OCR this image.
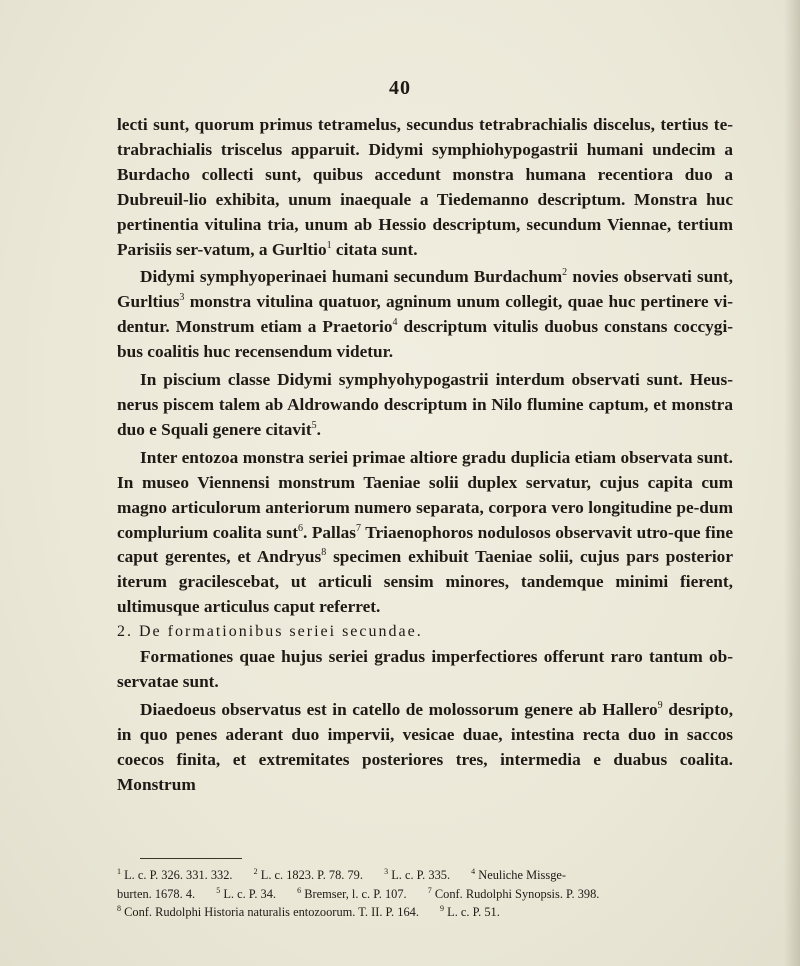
40

lecti sunt, quorum primus tetramelus, secundus tetrabrachialis discelus, tertius te-trabrachialis triscelus apparuit. Didymi symphiohypogastrii humani undecim a Burdacho collecti sunt, quibus accedunt monstra humana recentiora duo a Dubreuil-lio exhibita, unum inaequale a Tiedemanno descriptum. Monstra huc pertinentia vitulina tria, unum ab Hessio descriptum, secundum Viennae, tertium Parisiis ser-vatum, a Gurltio$^1$ citata sunt.

Didymi symphyoperinaei humani secundum Burdachum$^2$ novies observati sunt, Gurltius$^3$ monstra vitulina quatuor, agninum unum collegit, quae huc pertinere vi-dentur. Monstrum etiam a Praetorio$^4$ descriptum vitulis duobus constans coccygi-bus coalitis huc recensendum videtur.

In piscium classe Didymi symphyohypogastrii interdum observati sunt. Heus-nerus piscem talem ab Aldrowando descriptum in Nilo flumine captum, et monstra duo e Squali genere citavit$^5$.

Inter entozoa monstra seriei primae altiore gradu duplicia etiam observata sunt. In museo Viennensi monstrum Taeniae solii duplex servatur, cujus capita cum magno articulorum anteriorum numero separata, corpora vero longitudine pe-dum complurium coalita sunt$^6$. Pallas$^7$ Triaenophoros nodulosos observavit utro-que fine caput gerentes, et Andryus$^8$ specimen exhibuit Taeniae solii, cujus pars posterior iterum gracilescebat, ut articuli sensim minores, tandemque minimi fierent, ultimusque articulus caput referret.

2. De formationibus seriei secundae.

Formationes quae hujus seriei gradus imperfectiores offerunt raro tantum ob-servatae sunt.

Diaedoeus observatus est in catello de molossorum genere ab Hallero$^9$ desripto, in quo penes aderant duo impervii, vesicae duae, intestina recta duo in saccos coecos finita, et extremitates posteriores tres, intermedia e duabus coalita. Monstrum

$^1$ L. c. P. 326. 331. 332.	$^2$ L. c. 1823. P. 78. 79.	$^3$ L. c. P. 335.	$^4$ Neuliche Missge-
burten. 1678. 4.	$^5$ L. c. P. 34.	$^6$ Bremser, l. c. P. 107.	$^7$ Conf. Rudolphi Synopsis. P. 398.
$^8$ Conf. Rudolphi Historia naturalis entozoorum. T. II. P. 164.	$^9$ L. c. P. 51.
